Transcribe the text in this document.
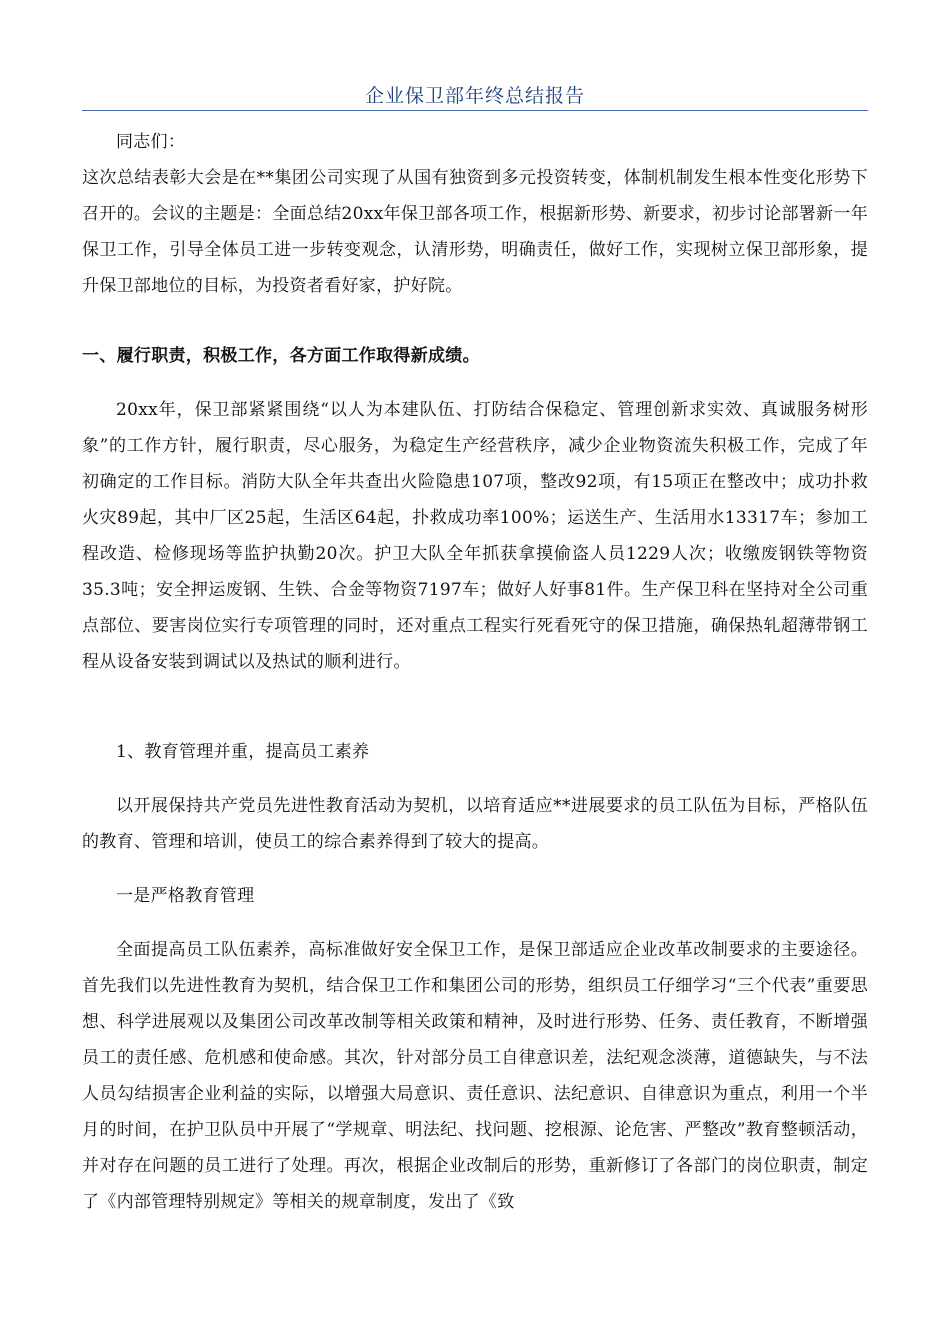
企业保卫部年终总结报告
同志们：
这次总结表彰大会是在**集团公司实现了从国有独资到多元投资转变，体制机制发生根本性变化形势下召开的。会议的主题是：全面总结20xx年保卫部各项工作，根据新形势、新要求，初步讨论部署新一年保卫工作，引导全体员工进一步转变观念，认清形势，明确责任，做好工作，实现树立保卫部形象，提升保卫部地位的目标，为投资者看好家，护好院。
一、履行职责，积极工作，各方面工作取得新成绩。
20xx年，保卫部紧紧围绕“以人为本建队伍、打防结合保稳定、管理创新求实效、真诚服务树形象”的工作方针，履行职责，尽心服务，为稳定生产经营秩序，减少企业物资流失积极工作，完成了年初确定的工作目标。消防大队全年共查出火险隐患107项，整改92项，有15项正在整改中；成功扑救火灾89起，其中厂区25起，生活区64起，扑救成功率100%；运送生产、生活用水13317车；参加工程改造、检修现场等监护执勤20次。护卫大队全年抓获拿摸偷盗人员1229人次；收缴废钢铁等物资35.3吨；安全押运废钢、生铁、合金等物资7197车；做好人好事81件。生产保卫科在坚持对全公司重点部位、要害岗位实行专项管理的同时，还对重点工程实行死看死守的保卫措施，确保热轧超薄带钢工程从设备安装到调试以及热试的顺利进行。
1、教育管理并重，提高员工素养
以开展保持共产党员先进性教育活动为契机，以培育适应**进展要求的员工队伍为目标，严格队伍的教育、管理和培训，使员工的综合素养得到了较大的提高。
一是严格教育管理
全面提高员工队伍素养，高标准做好安全保卫工作，是保卫部适应企业改革改制要求的主要途径。首先我们以先进性教育为契机，结合保卫工作和集团公司的形势，组织员工仔细学习“三个代表”重要思想、科学进展观以及集团公司改革改制等相关政策和精神，及时进行形势、任务、责任教育，不断增强员工的责任感、危机感和使命感。其次，针对部分员工自律意识差，法纪观念淡薄，道德缺失，与不法人员勾结损害企业利益的实际，以增强大局意识、责任意识、法纪意识、自律意识为重点，利用一个半月的时间，在护卫队员中开展了“学规章、明法纪、找问题、挖根源、论危害、严整改”教育整顿活动，并对存在问题的员工进行了处理。再次，根据企业改制后的形势，重新修订了各部门的岗位职责，制定了《内部管理特别规定》等相关的规章制度，发出了《致
